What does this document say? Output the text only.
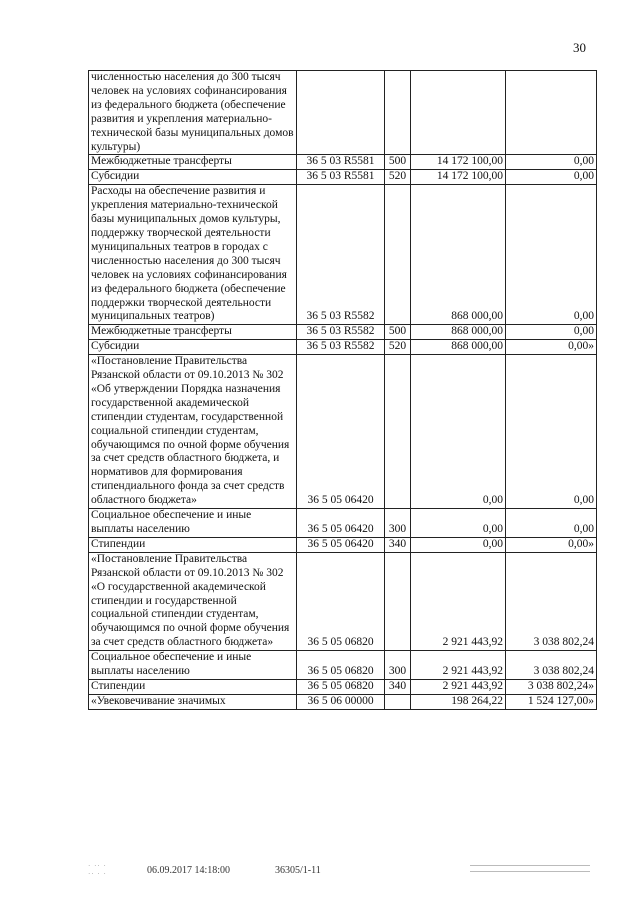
30
численностью населения до 300 тысяч человек на условиях софинансирования из федерального бюджета (обеспечение развития и укрепления материально-технической базы муниципальных домов культуры)				
Межбюджетные трансферты	36 5 03 R5581	500	14 172 100,00	0,00
Субсидии	36 5 03 R5581	520	14 172 100,00	0,00
Расходы на обеспечение развития и укрепления материально-технической базы муниципальных домов культуры, поддержку творческой деятельности муниципальных театров в городах с численностью населения до 300 тысяч человек на условиях софинансирования из федерального бюджета (обеспечение поддержки творческой деятельности муниципальных театров)	36 5 03 R5582		868 000,00	0,00
Межбюджетные трансферты	36 5 03 R5582	500	868 000,00	0,00
Субсидии	36 5 03 R5582	520	868 000,00	0,00»
«Постановление Правительства Рязанской области от 09.10.2013 № 302 «Об утверждении Порядка назначения государственной академической стипендии студентам, государственной социальной стипендии студентам, обучающимся по очной форме обучения за счет средств областного бюджета, и нормативов для формирования стипендиального фонда за счет средств областного бюджета»	36 5 05 06420		0,00	0,00
Социальное обеспечение и иные выплаты населению	36 5 05 06420	300	0,00	0,00
Стипендии	36 5 05 06420	340	0,00	0,00»
«Постановление Правительства Рязанской области от 09.10.2013 № 302 «О государственной академической стипендии и государственной социальной стипендии студентам, обучающимся по очной форме обучения за счет средств областного бюджета»	36 5 05 06820		2 921 443,92	3 038 802,24
Социальное обеспечение и иные выплаты населению	36 5 05 06820	300	2 921 443,92	3 038 802,24
Стипендии	36 5 05 06820	340	2 921 443,92	3 038 802,24»
«Увековечивание значимых	36 5 06 00000		198 264,22	1 524 127,00»
· ·· ·
·· · ·	06.09.2017 14:18:00	36305/1-11
